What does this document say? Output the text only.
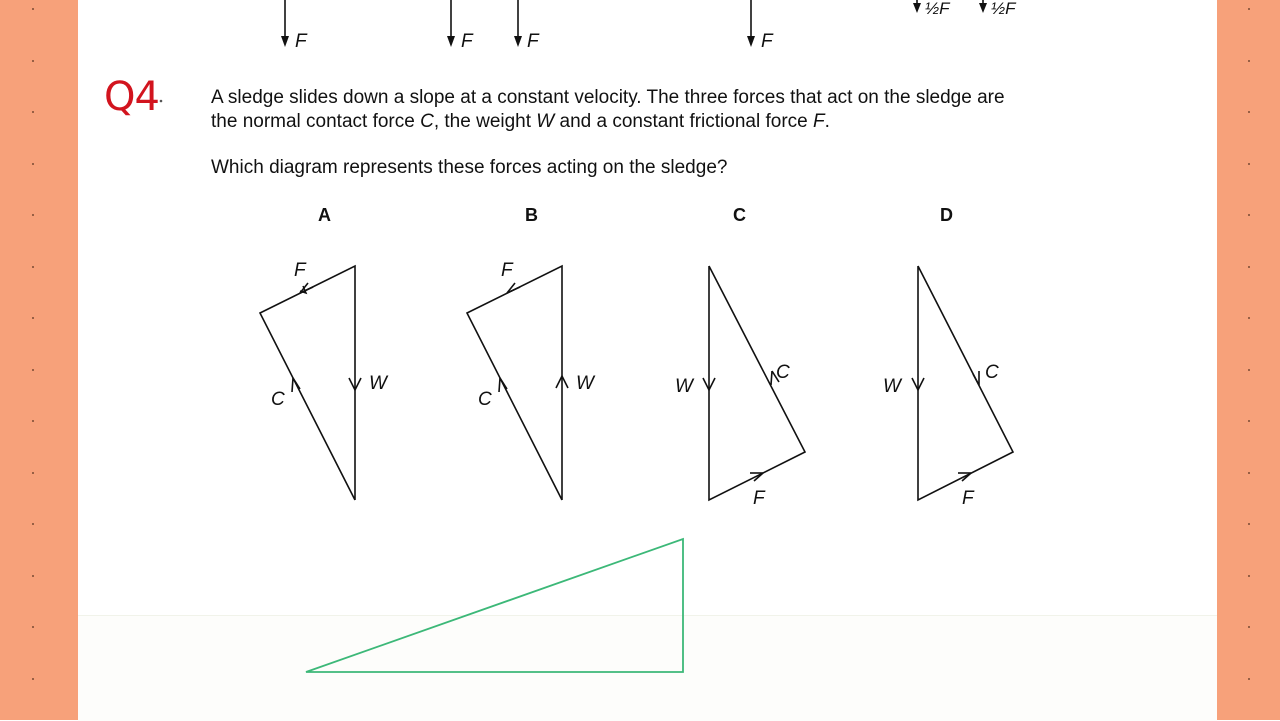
F	F	F	F
½F ½F
Q4	A sledge slides down a slope at a constant velocity. The three forces that act on the sledge are

the normal contact force C, the weight W and a constant frictional force F.

Which diagram represents these forces acting on the sledge?
A	B	C	D
F
W
C
F
W
C
W
C
F
W
C
F
